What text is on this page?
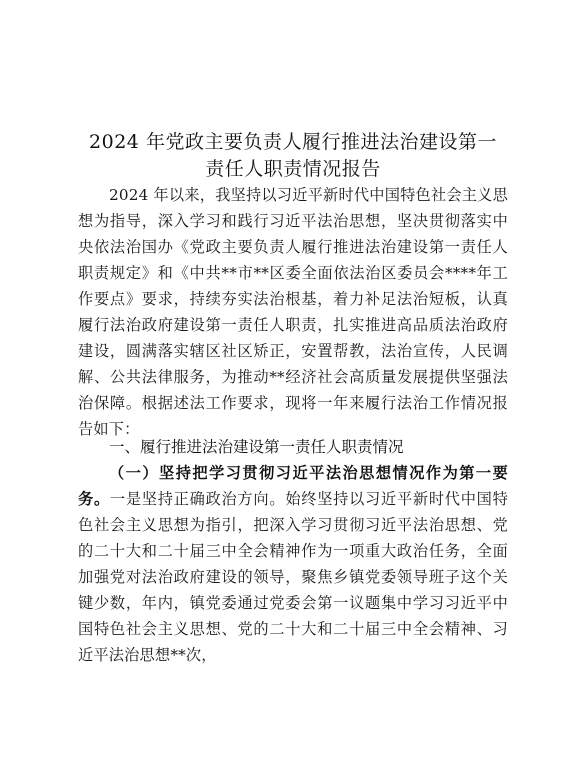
2024 年党政主要负责人履行推进法治建设第一
责任人职责情况报告

2024 年以来，我坚持以习近平新时代中国特色社会主义思想为指导，深入学习和践行习近平法治思想，坚决贯彻落实中央依法治国办《党政主要负责人履行推进法治建设第一责任人职责规定》和《中共**市**区委全面依法治区委员会****年工作要点》要求，持续夯实法治根基，着力补足法治短板，认真履行法治政府建设第一责任人职责，扎实推进高品质法治政府建设，圆满落实辖区社区矫正，安置帮教，法治宣传，人民调解、公共法律服务，为推动**经济社会高质量发展提供坚强法治保障。根据述法工作要求，现将一年来履行法治工作情况报告如下：

一、履行推进法治建设第一责任人职责情况

（一）坚持把学习贯彻习近平法治思想情况作为第一要务。一是坚持正确政治方向。始终坚持以习近平新时代中国特色社会主义思想为指引，把深入学习贯彻习近平法治思想、党的二十大和二十届三中全会精神作为一项重大政治任务，全面加强党对法治政府建设的领导，聚焦乡镇党委领导班子这个关键少数，年内，镇党委通过党委会第一议题集中学习习近平中国特色社会主义思想、党的二十大和二十届三中全会精神、习近平法治思想**次，
